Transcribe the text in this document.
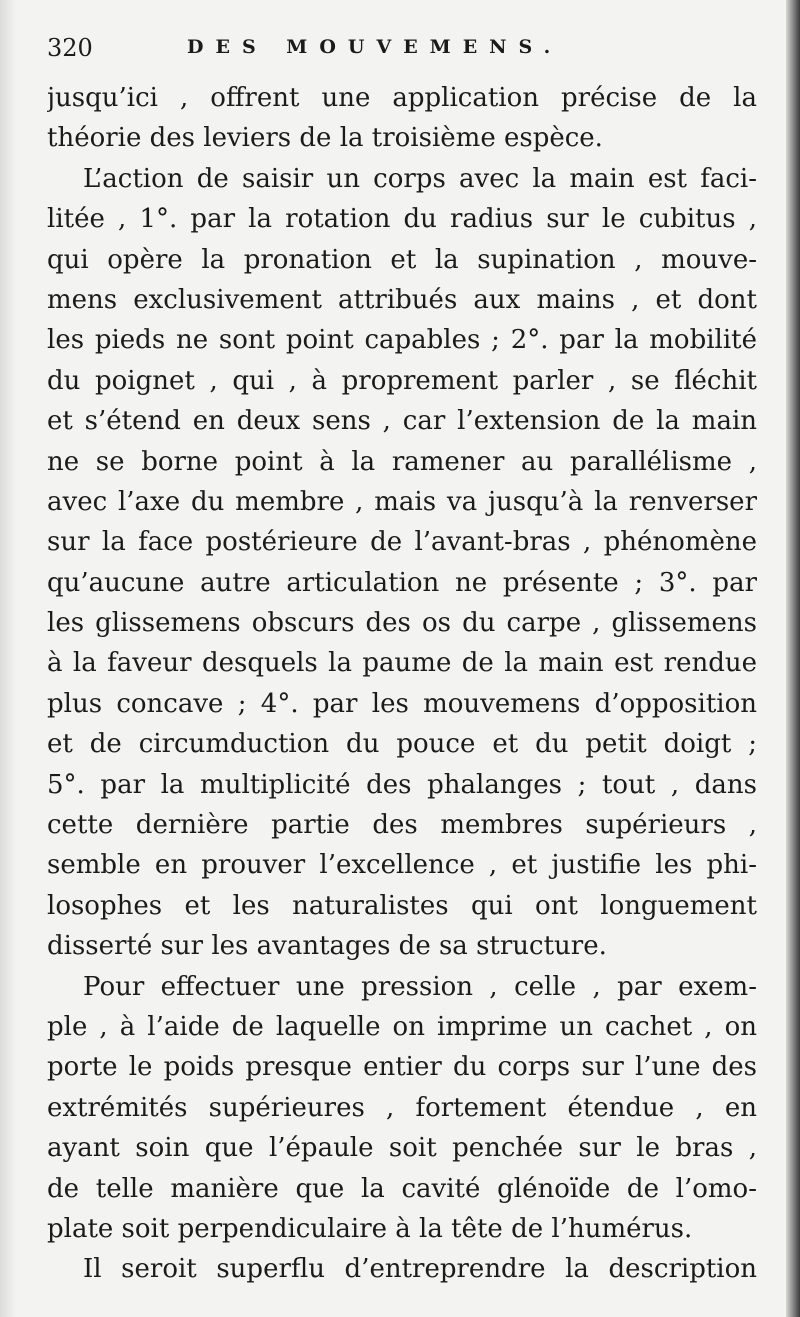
320	DES MOUVEMENS.
jusqu’ici , offrent une application précise de la
théorie des leviers de la troisième espèce.
L’action de saisir un corps avec la main est faci-
litée , 1°. par la rotation du radius sur le cubitus ,
qui opère la pronation et la supination , mouve-
mens exclusivement attribués aux mains , et dont
les pieds ne sont point capables ; 2°. par la mobilité
du poignet , qui , à proprement parler , se fléchit
et s’étend en deux sens , car l’extension de la main
ne se borne point à la ramener au parallélisme ,
avec l’axe du membre , mais va jusqu’à la renverser
sur la face postérieure de l’avant-bras , phénomène
qu’aucune autre articulation ne présente ; 3°. par
les glissemens obscurs des os du carpe , glissemens
à la faveur desquels la paume de la main est rendue
plus concave ; 4°. par les mouvemens d’opposition
et de circumduction du pouce et du petit doigt ;
5°. par la multiplicité des phalanges ; tout , dans
cette dernière partie des membres supérieurs ,
semble en prouver l’excellence , et justifie les phi-
losophes et les naturalistes qui ont longuement
disserté sur les avantages de sa structure.
Pour effectuer une pression , celle , par exem-
ple , à l’aide de laquelle on imprime un cachet , on
porte le poids presque entier du corps sur l’une des
extrémités supérieures , fortement étendue , en
ayant soin que l’épaule soit penchée sur le bras ,
de telle manière que la cavité glénoïde de l’omo-
plate soit perpendiculaire à la tête de l’humérus.
Il seroit superflu d’entreprendre la description
